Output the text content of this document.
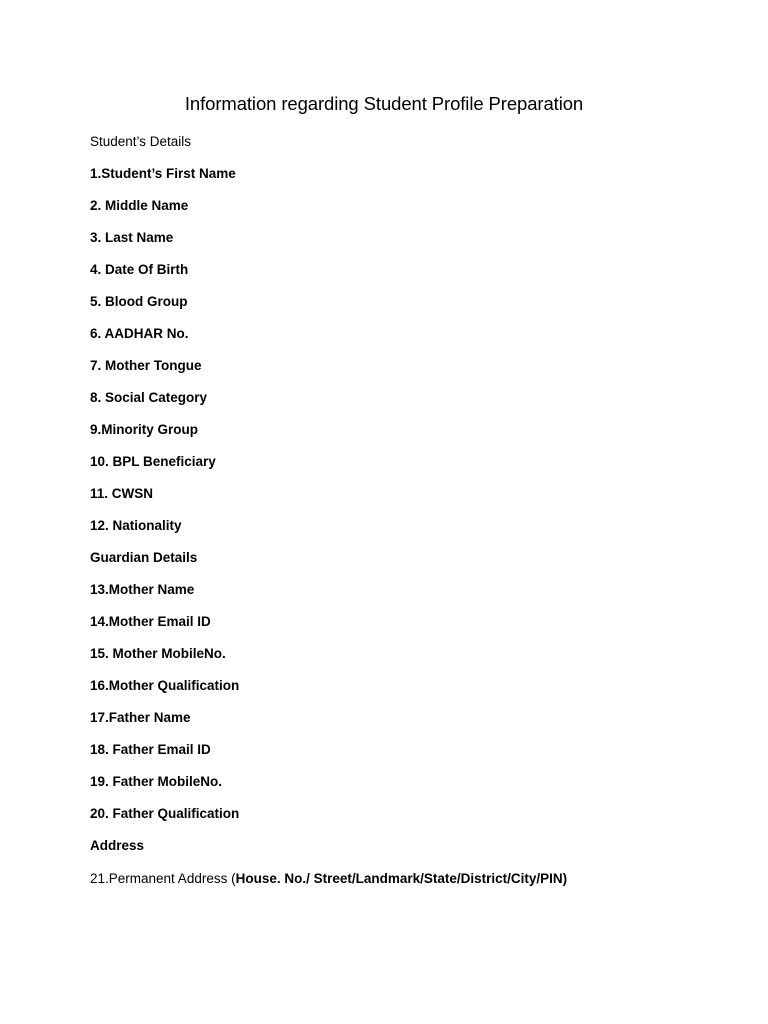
Information regarding Student Profile Preparation
Student’s Details
1.Student’s First Name
2. Middle Name
3. Last Name
4. Date Of Birth
5. Blood Group
6. AADHAR No.
7. Mother Tongue
8. Social Category
9.Minority Group
10. BPL Beneficiary
11. CWSN
12. Nationality
Guardian Details
13.Mother Name
14.Mother Email ID
15. Mother MobileNo.
16.Mother Qualification
17.Father Name
18. Father Email ID
19. Father MobileNo.
20. Father Qualification
Address
21.Permanent Address (House. No./ Street/Landmark/State/District/City/PIN)
